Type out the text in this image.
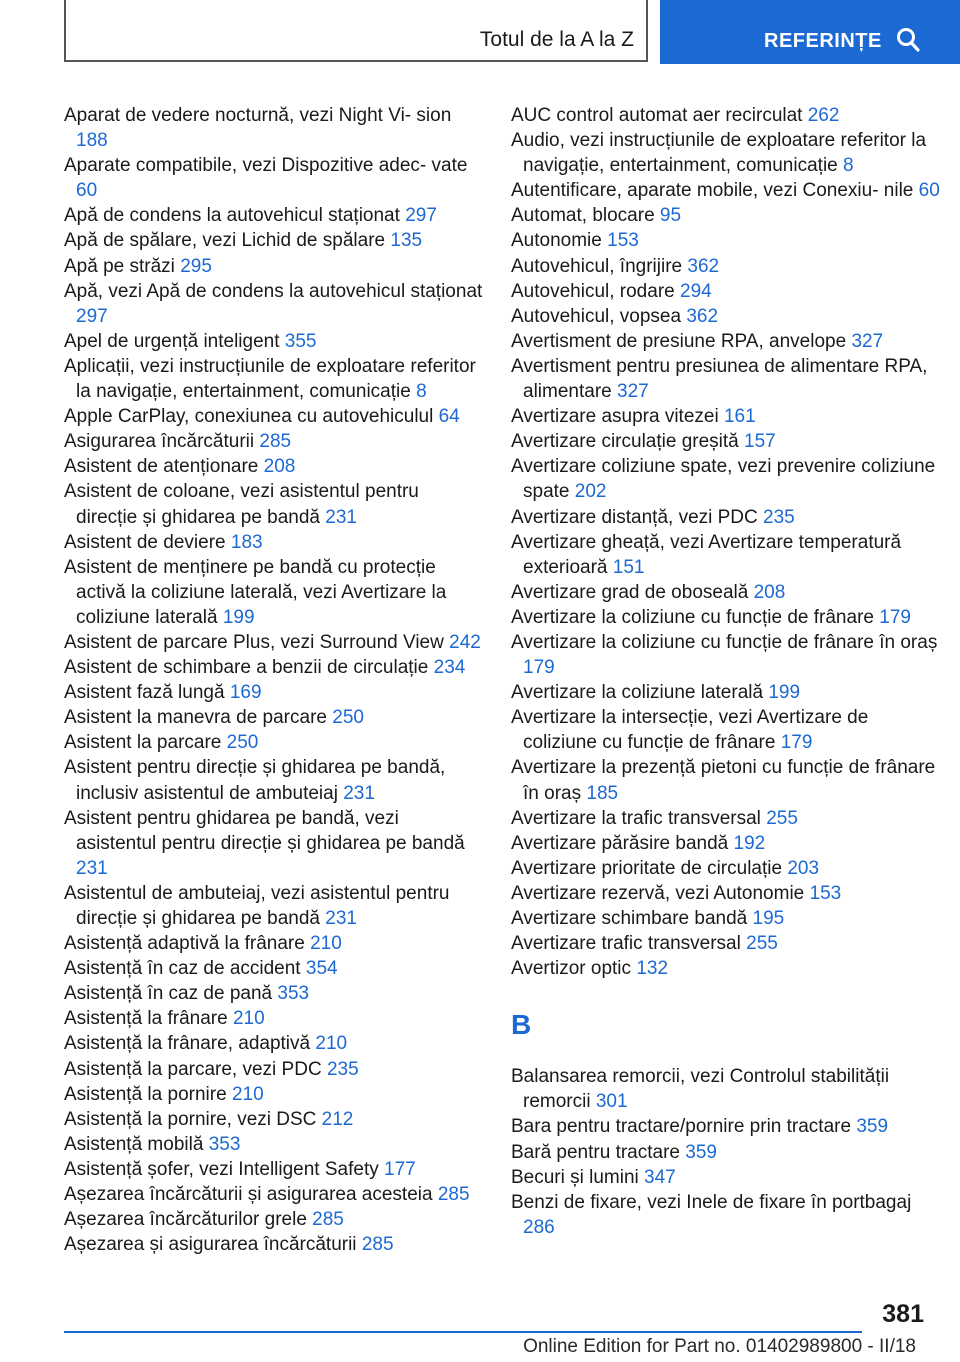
Totul de la A la Z	REFERINȚE
Aparat de vedere nocturnă, vezi Night Vi- sion 188
Aparate compatibile, vezi Dispozitive adec- vate 60
Apă de condens la autovehicul staționat 297
Apă de spălare, vezi Lichid de spălare 135
Apă pe străzi 295
Apă, vezi Apă de condens la autovehicul staționat 297
Apel de urgență inteligent 355
Aplicații, vezi instrucțiunile de exploatare referitor la navigație, entertainment, comunicație 8
Apple CarPlay, conexiunea cu autovehiculul 64
Asigurarea încărcăturii 285
Asistent de atenționare 208
Asistent de coloane, vezi asistentul pentru direcție și ghidarea pe bandă 231
Asistent de deviere 183
Asistent de menținere pe bandă cu protecție activă la coliziune laterală, vezi Avertizare la coliziune laterală 199
Asistent de parcare Plus, vezi Surround View 242
Asistent de schimbare a benzii de circulație 234
Asistent fază lungă 169
Asistent la manevra de parcare 250
Asistent la parcare 250
Asistent pentru direcție și ghidarea pe bandă, inclusiv asistentul de ambuteiaj 231
Asistent pentru ghidarea pe bandă, vezi asistentul pentru direcție și ghidarea pe bandă 231
Asistentul de ambuteiaj, vezi asistentul pentru direcție și ghidarea pe bandă 231
Asistență adaptivă la frânare 210
Asistență în caz de accident 354
Asistență în caz de pană 353
Asistență la frânare 210
Asistență la frânare, adaptivă 210
Asistență la parcare, vezi PDC 235
Asistență la pornire 210
Asistență la pornire, vezi DSC 212
Asistență mobilă 353
Asistență șofer, vezi Intelligent Safety 177
Așezarea încărcăturii și asigurarea acesteia 285
Așezarea încărcăturilor grele 285
Așezarea și asigurarea încărcăturii 285
AUC control automat aer recirculat 262
Audio, vezi instrucțiunile de exploatare referitor la navigație, entertainment, comunicație 8
Autentificare, aparate mobile, vezi Conexiu- nile 60
Automat, blocare 95
Autonomie 153
Autovehicul, îngrijire 362
Autovehicul, rodare 294
Autovehicul, vopsea 362
Avertisment de presiune RPA, anvelope 327
Avertisment pentru presiunea de alimentare RPA, alimentare 327
Avertizare asupra vitezei 161
Avertizare circulație greșită 157
Avertizare coliziune spate, vezi prevenire coliziune spate 202
Avertizare distanță, vezi PDC 235
Avertizare gheață, vezi Avertizare temperatură exterioară 151
Avertizare grad de oboseală 208
Avertizare la coliziune cu funcție de frânare 179
Avertizare la coliziune cu funcție de frânare în oraș 179
Avertizare la coliziune laterală 199
Avertizare la intersecție, vezi Avertizare de coliziune cu funcție de frânare 179
Avertizare la prezență pietoni cu funcție de frânare în oraș 185
Avertizare la trafic transversal 255
Avertizare părăsire bandă 192
Avertizare prioritate de circulație 203
Avertizare rezervă, vezi Autonomie 153
Avertizare schimbare bandă 195
Avertizare trafic transversal 255
Avertizor optic 132
B
Balansarea remorcii, vezi Controlul stabilității remorcii 301
Bara pentru tractare/pornire prin tractare 359
Bară pentru tractare 359
Becuri și lumini 347
Benzi de fixare, vezi Inele de fixare în portbagaj 286
381
Online Edition for Part no. 01402989800 - II/18
